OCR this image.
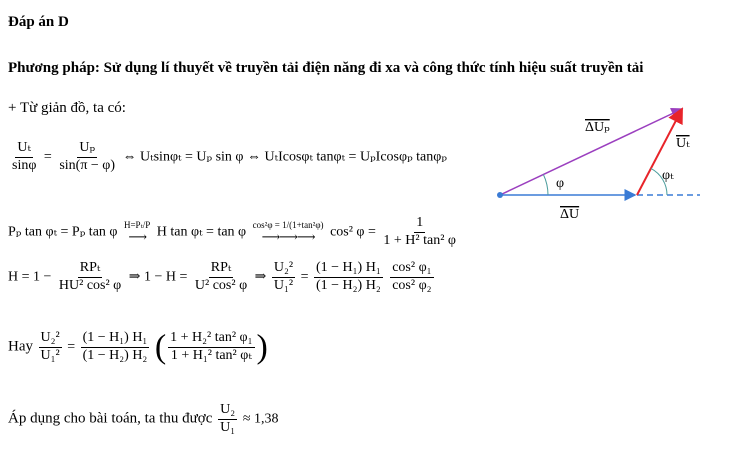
Đáp án D
Phương pháp: Sử dụng lí thuyết về truyền tải điện năng đi xa và công thức tính hiệu suất truyền tải
+ Từ giản đồ, ta có:
$\frac{\text{Uₜ}}{\sin\varphi} = \frac{\text{Uₚ}}{\sin(\pi - \varphi)}$ ⇔ Uₜsinφₜ = Uₚ sin φ ⇔ UₜIcosφₜ tanφₜ = UₚIcosφₚ tanφₚ
Pₚ tan φₜ = Pₚ tan φ H=Pₜ/P
⟶ H tan φₜ = tan φ cos²φ = 1/(1+tan²φ)
⟶⟶⟶ cos² $\varphi = \frac{1}{\text{1 + H² tan² φ}}$
$H = 1 - \frac{\text{RPₜ}}{\text{HU² cos² φ}}$ ⇒ $1 - H = \frac{\text{RPₜ}}{\text{U² cos² φ}}$ ⇒ $\frac{\text{U₂²}}{\text{U₁²}} = \frac{\text{(1 − H₁) H₁}}{\text{(1 − H₂) H₂}}$
$\frac{\text{cos² φ₁}}{\text{cos² φ₂}}$
Hay $\frac{\text{U₂²}}{\text{U₁²}} = \frac{\text{(1 − H₁) H₁}}{\text{(1 − H₂) H₂}}$ ( $\frac{\text{1 + H₂² tan² φ₁}}{\text{1 + H₁² tan² φₜ}}$ )
Áp dụng cho bài toán, ta thu được $\frac{\text{U₂}}{\text{U₁}} \approx 1,38$
ΔUₚ
Uₜ
φ
φₜ
ΔU
